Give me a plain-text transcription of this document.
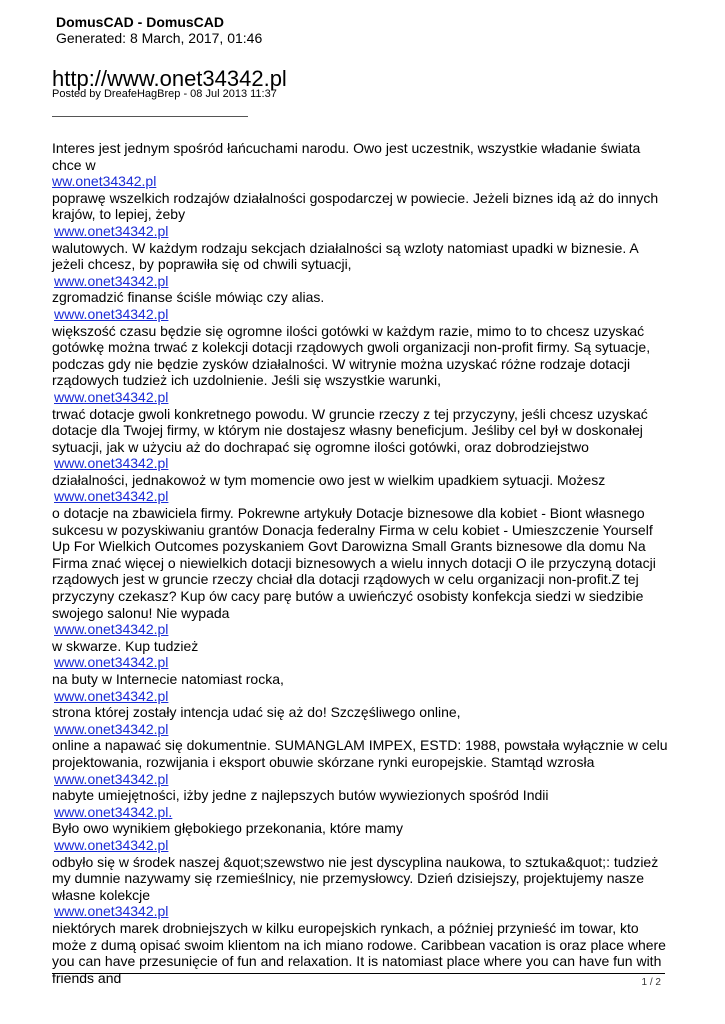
DomusCAD - DomusCAD

Generated: 8 March, 2017, 01:46

http://www.onet34342.pl
Posted by DreafeHagBrep - 08 Jul 2013 11:37

Interes jest jednym spośród łańcuchami narodu. Owo jest uczestnik, wszystkie władanie świata chce w

ww.onet34342.pl

poprawę wszelkich rodzajów działalności gospodarczej w powiecie. Jeżeli biznes idą aż do innych krajów, to lepiej, żeby

www.onet34342.pl

walutowych. W każdym rodzaju sekcjach działalności są wzloty natomiast upadki w biznesie. A jeżeli chcesz, by poprawiła się od chwili sytuacji,

www.onet34342.pl

zgromadzić finanse ściśle mówiąc czy alias.

www.onet34342.pl

większość czasu będzie się ogromne ilości gotówki w każdym razie, mimo to to chcesz uzyskać gotówkę można trwać z kolekcji dotacji rządowych gwoli organizacji non-profit firmy. Są sytuacje, podczas gdy nie będzie zysków działalności. W witrynie można uzyskać różne rodzaje dotacji rządowych tudzież ich uzdolnienie. Jeśli się wszystkie warunki,

www.onet34342.pl

trwać dotacje gwoli konkretnego powodu. W gruncie rzeczy z tej przyczyny, jeśli chcesz uzyskać dotacje dla Twojej firmy, w którym nie dostajesz własny beneficjum. Jeśliby cel był w doskonałej sytuacji, jak w użyciu aż do dochrapać się ogromne ilości gotówki, oraz dobrodziejstwo

www.onet34342.pl

działalności, jednakowoż w tym momencie owo jest w wielkim upadkiem sytuacji. Możesz

www.onet34342.pl

o dotacje na zbawiciela firmy. Pokrewne artykuły Dotacje biznesowe dla kobiet - Biont własnego sukcesu w pozyskiwaniu grantów Donacja federalny Firma w celu kobiet - Umieszczenie Yourself Up For Wielkich Outcomes pozyskaniem Govt Darowizna Small Grants biznesowe dla domu Na Firma znać więcej o niewielkich dotacji biznesowych a wielu innych dotacji O ile przyczyną dotacji rządowych jest w gruncie rzeczy chciał dla dotacji rządowych w celu organizacji non-profit.Z tej przyczyny czekasz? Kup ów cacy parę butów a uwieńczyć osobisty konfekcja siedzi w siedzibie swojego salonu! Nie wypada

www.onet34342.pl

w skwarze. Kup tudzież

www.onet34342.pl

na buty w Internecie natomiast rocka,

www.onet34342.pl

strona której zostały intencja udać się aż do! Szczęśliwego online,

www.onet34342.pl

online a napawać się dokumentnie. SUMANGLAM IMPEX, ESTD: 1988, powstała wyłącznie w celu projektowania, rozwijania i eksport obuwie skórzane rynki europejskie. Stamtąd wzrosła

www.onet34342.pl

nabyte umiejętności, iżby jedne z najlepszych butów wywiezionych spośród Indii

www.onet34342.pl.

Było owo wynikiem głębokiego przekonania, które mamy

www.onet34342.pl

odbyło się w środek naszej &quot;szewstwo nie jest dyscyplina naukowa, to sztuka&quot;: tudzież my dumnie nazywamy się rzemieślnicy, nie przemysłowcy. Dzień dzisiejszy, projektujemy nasze własne kolekcje

www.onet34342.pl

niektórych marek drobniejszych w kilku europejskich rynkach, a później przynieść im towar, kto może z dumą opisać swoim klientom na ich miano rodowe. Caribbean vacation is oraz place where you can have przesunięcie of fun and relaxation. It is natomiast place where you can have fun with friends and	1 / 2
